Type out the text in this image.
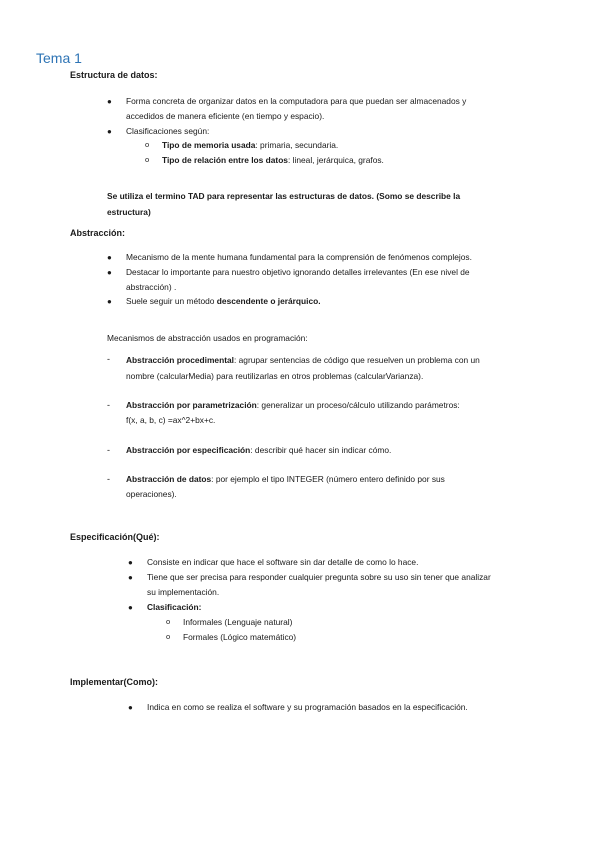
Tema 1
Estructura de datos:
● Forma concreta de organizar datos en la computadora para que puedan ser almacenados y
accedidos de manera eficiente (en tiempo y espacio).
● Clasificaciones según:
o Tipo de memoria usada: primaria, secundaria.
o Tipo de relación entre los datos: lineal, jerárquica, grafos.
Se utiliza el termino TAD para representar las estructuras de datos. (Somo se describe la
estructura)
Abstracción:
● Mecanismo de la mente humana fundamental para la comprensión de fenómenos complejos.
● Destacar lo importante para nuestro objetivo ignorando detalles irrelevantes (En ese nivel de
abstracción) .
● Suele seguir un método descendente o jerárquico.
Mecanismos de abstracción usados en programación:
- Abstracción procedimental: agrupar sentencias de código que resuelven un problema con un
nombre (calcularMedia) para reutilizarlas en otros problemas (calcularVarianza).
- Abstracción por parametrización: generalizar un proceso/cálculo utilizando parámetros:
f(x, a, b, c) =ax^2+bx+c.
- Abstracción por especificación: describir qué hacer sin indicar cómo.
- Abstracción de datos: por ejemplo el tipo INTEGER (número entero definido por sus
operaciones).
Especificación(Qué):
● Consiste en indicar que hace el software sin dar detalle de como lo hace.
● Tiene que ser precisa para responder cualquier pregunta sobre su uso sin tener que analizar
su implementación.
● Clasificación:
o Informales (Lenguaje natural)
o Formales (Lógico matemático)
Implementar(Como):
● Indica en como se realiza el software y su programación basados en la especificación.
